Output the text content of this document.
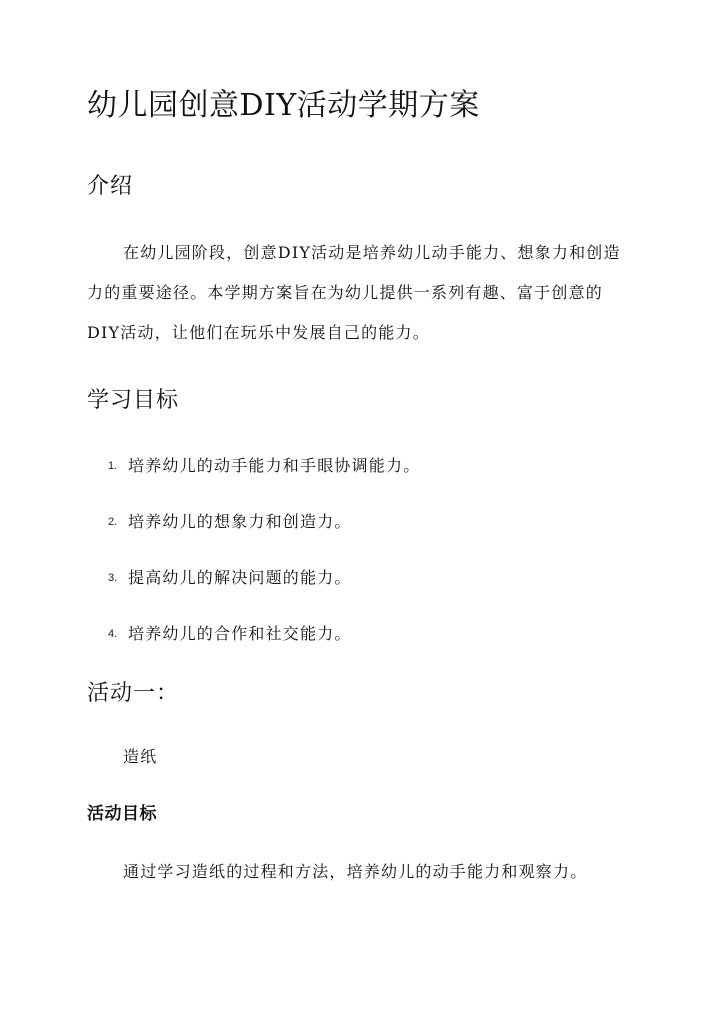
幼儿园创意DIY活动学期方案
介绍

在幼儿园阶段，创意DIY活动是培养幼儿动手能力、想象力和创造力的重要途径。本学期方案旨在为幼儿提供一系列有趣、富于创意的DIY活动，让他们在玩乐中发展自己的能力。

学习目标
1. 培养幼儿的动手能力和手眼协调能力。
2. 培养幼儿的想象力和创造力。
3. 提高幼儿的解决问题的能力。
4. 培养幼儿的合作和社交能力。
活动一：

造纸

活动目标

通过学习造纸的过程和方法，培养幼儿的动手能力和观察力。
